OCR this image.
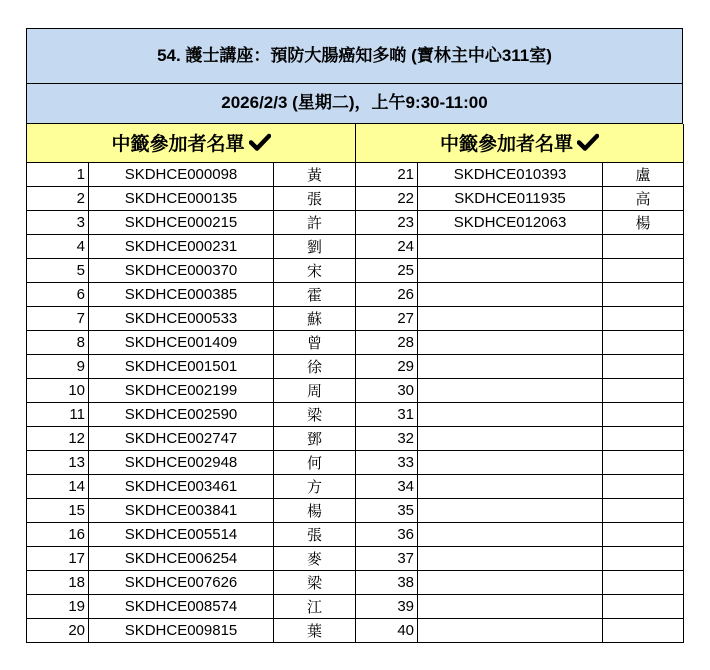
54. 護士講座：預防大腸癌知多啲 (寶林主中心311室)
2026/2/3 (星期二)，上午9:30-11:00
中籤參加者名單			中籤參加者名單		
1	SKDHCE000098	黃	21	SKDHCE010393	盧
2	SKDHCE000135	張	22	SKDHCE011935	高
3	SKDHCE000215	許	23	SKDHCE012063	楊
4	SKDHCE000231	劉	24		
5	SKDHCE000370	宋	25		
6	SKDHCE000385	霍	26		
7	SKDHCE000533	蘇	27		
8	SKDHCE001409	曾	28		
9	SKDHCE001501	徐	29		
10	SKDHCE002199	周	30		
11	SKDHCE002590	梁	31		
12	SKDHCE002747	鄧	32		
13	SKDHCE002948	何	33		
14	SKDHCE003461	方	34		
15	SKDHCE003841	楊	35		
16	SKDHCE005514	張	36		
17	SKDHCE006254	麥	37		
18	SKDHCE007626	梁	38		
19	SKDHCE008574	江	39		
20	SKDHCE009815	葉	40		
